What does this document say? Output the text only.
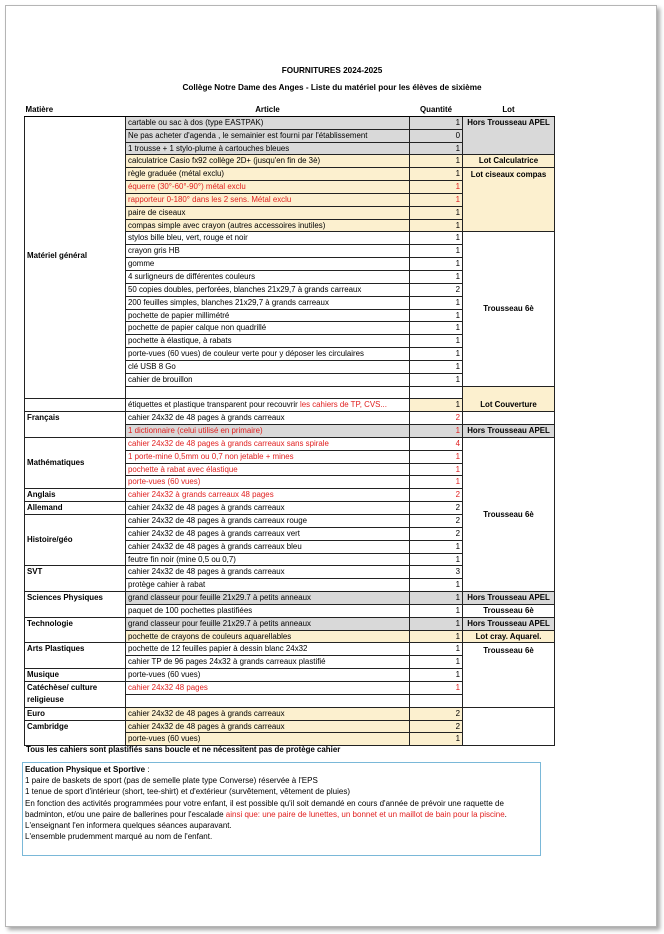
FOURNITURES 2024-2025
Collège Notre Dame des Anges - Liste du matériel pour les élèves de sixième
Matière	Article	Quantité	Lot
Matériel général	cartable ou sac à dos (type EASTPAK)	1	Hors Trousseau APEL
	Ne pas acheter d'agenda , le semainier est fourni par l'établissement	0	
	1 trousse + 1 stylo-plume à cartouches bleues	1	
	calculatrice Casio fx92 collège 2D+ (jusqu'en fin de 3è)	1	Lot Calculatrice
	règle graduée (métal exclu)	1	Lot ciseaux compas
	équerre (30°-60°-90°) métal exclu	1	
	rapporteur 0-180° dans les 2 sens. Métal exclu	1	
	paire de ciseaux	1	
	compas simple avec crayon (autres accessoires inutiles)	1	
	stylos bille bleu, vert, rouge et noir	1	Trousseau 6è
	crayon gris HB	1	
	gomme	1	
	4 surligneurs de différentes couleurs	1	
	50 copies doubles, perforées, blanches 21x29,7 à grands carreaux	2	
	200 feuilles simples, blanches 21x29,7 à grands carreaux	1	
	pochette de papier millimétré	1	
	pochette de papier calque non quadrillé	1	
	pochette à élastique, à rabats	1	
	porte-vues (60 vues) de couleur verte pour y déposer les circulaires	1	
	clé USB 8 Go	1	
	cahier de brouillon	1	
			Lot Couverture
	étiquettes et plastique transparent pour recouvrir les cahiers de TP, CVS...	1	
Français	cahier 24x32 de 48 pages à grands carreaux	2	
	1 dictionnaire (celui utilisé en primaire)	1	Hors Trousseau APEL
Mathématiques	cahier 24x32 de 48 pages à grands carreaux sans spirale	4	Trousseau 6è
	1 porte-mine 0,5mm ou 0,7 non jetable + mines	1	
	pochette à rabat avec élastique	1	
	porte-vues (60 vues)	1	
Anglais	cahier 24x32 à grands carreaux 48 pages	2	
Allemand	cahier 24x32 de 48 pages à grands carreaux	2	
Histoire/géo	cahier 24x32 de 48 pages à grands carreaux rouge	2	
	cahier 24x32 de 48 pages à grands carreaux vert	2	
	cahier 24x32 de 48 pages à grands carreaux bleu	1	
	feutre fin noir (mine 0,5 ou 0,7)	1	
SVT	cahier 24x32 de 48 pages à grands carreaux	3	
	protège cahier à rabat	1	
Sciences Physiques	grand classeur pour feuille 21x29.7 à petits anneaux	1	Hors Trousseau APEL
	paquet de 100 pochettes plastifiées	1	Trousseau 6è
Technologie	grand classeur pour feuille 21x29.7 à petits anneaux	1	Hors Trousseau APEL
	pochette de crayons de couleurs aquarellables	1	Lot cray. Aquarel.
Arts Plastiques	pochette de 12 feuilles papier à dessin blanc 24x32	1	Trousseau 6è
	cahier TP de 96 pages 24x32 à grands carreaux plastifié	1	
Musique	porte-vues (60 vues)	1	
Catéchèse/ culture religieuse	cahier 24x32 48 pages	1	

Euro	cahier 24x32 de 48 pages à grands carreaux	2	
Cambridge	cahier 24x32 de 48 pages à grands carreaux	2	
	porte-vues (60 vues)	1	
Tous les cahiers sont plastifiés sans boucle et ne nécessitent pas de protège cahier
Education Physique et Sportive :
1 paire de baskets de sport (pas de semelle plate type Converse) réservée à l'EPS
1 tenue de sport d'intérieur (short, tee-shirt) et d'extérieur (survêtement, vêtement de pluies)
En fonction des activités programmées pour votre enfant, il est possible qu'il soit demandé en cours d'année de prévoir une raquette de badminton, et/ou une paire de ballerines pour l'escalade ainsi que: une paire de lunettes, un bonnet et un maillot de bain pour la piscine. L'enseignant l'en informera quelques séances auparavant.
L'ensemble prudemment marqué au nom de l'enfant.
